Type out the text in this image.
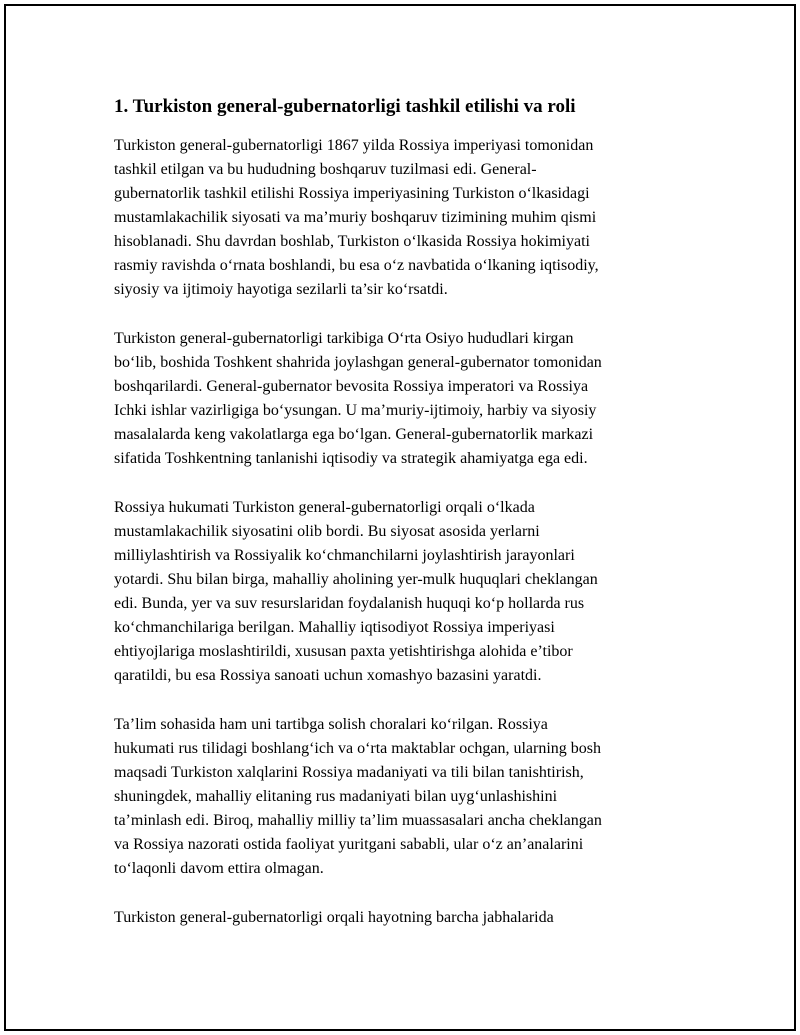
1. Turkiston general-gubernatorligi tashkil etilishi va roli

Turkiston general-gubernatorligi 1867 yilda Rossiya imperiyasi tomonidan
tashkil etilgan va bu hududning boshqaruv tuzilmasi edi. General-
gubernatorlik tashkil etilishi Rossiya imperiyasining Turkiston o‘lkasidagi
mustamlakachilik siyosati va ma’muriy boshqaruv tizimining muhim qismi
hisoblanadi. Shu davrdan boshlab, Turkiston o‘lkasida Rossiya hokimiyati
rasmiy ravishda o‘rnata boshlandi, bu esa o‘z navbatida o‘lkaning iqtisodiy,
siyosiy va ijtimoiy hayotiga sezilarli ta’sir ko‘rsatdi.

Turkiston general-gubernatorligi tarkibiga O‘rta Osiyo hududlari kirgan
bo‘lib, boshida Toshkent shahrida joylashgan general-gubernator tomonidan
boshqarilardi. General-gubernator bevosita Rossiya imperatori va Rossiya
Ichki ishlar vazirligiga bo‘ysungan. U ma’muriy-ijtimoiy, harbiy va siyosiy
masalalarda keng vakolatlarga ega bo‘lgan. General-gubernatorlik markazi
sifatida Toshkentning tanlanishi iqtisodiy va strategik ahamiyatga ega edi.

Rossiya hukumati Turkiston general-gubernatorligi orqali o‘lkada
mustamlakachilik siyosatini olib bordi. Bu siyosat asosida yerlarni
milliylashtirish va Rossiyalik ko‘chmanchilarni joylashtirish jarayonlari
yotardi. Shu bilan birga, mahalliy aholining yer-mulk huquqlari cheklangan
edi. Bunda, yer va suv resurslaridan foydalanish huquqi ko‘p hollarda rus
ko‘chmanchilariga berilgan. Mahalliy iqtisodiyot Rossiya imperiyasi
ehtiyojlariga moslashtirildi, xususan paxta yetishtirishga alohida e’tibor
qaratildi, bu esa Rossiya sanoati uchun xomashyo bazasini yaratdi.

Ta’lim sohasida ham uni tartibga solish choralari ko‘rilgan. Rossiya
hukumati rus tilidagi boshlang‘ich va o‘rta maktablar ochgan, ularning bosh
maqsadi Turkiston xalqlarini Rossiya madaniyati va tili bilan tanishtirish,
shuningdek, mahalliy elitaning rus madaniyati bilan uyg‘unlashishini
ta’minlash edi. Biroq, mahalliy milliy ta’lim muassasalari ancha cheklangan
va Rossiya nazorati ostida faoliyat yuritgani sababli, ular o‘z an’analarini
to‘laqonli davom ettira olmagan.

Turkiston general-gubernatorligi orqali hayotning barcha jabhalarida
